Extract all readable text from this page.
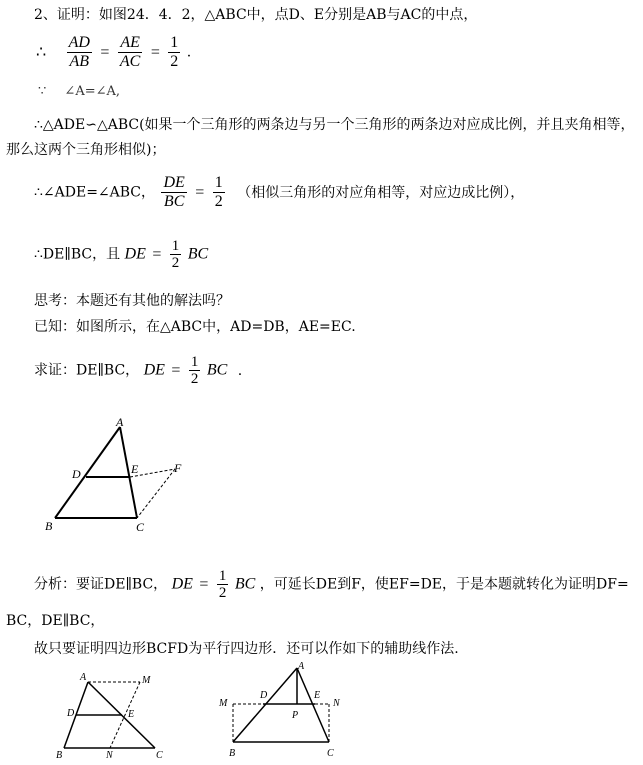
2、证明：如图24．4．2，△ABC中，点D、E分别是AB与AC的中点，
∴ $\frac{AD}{AB} = \frac{AE}{AC} = \frac{1}{2}$ .
∵ ∠A=∠A,
∴△ADE∽△ABC(如果一个三角形的两条边与另一个三角形的两条边对应成比例，并且夹角相等，
那么这两个三角形相似)；
∴∠ADE=∠ABC， $\frac{DE}{BC} = \frac{1}{2}$ （相似三角形的对应角相等，对应边成比例），
∴DE∥BC，且 DE = $\frac{1}{2}$ BC
思考：本题还有其他的解法吗？
已知：如图所示，在△ABC中，AD=DB，AE=EC.
求证：DE∥BC， DE = $\frac{1}{2}$ BC .
A
D	E	F
B	C
分析：要证DE∥BC， DE = $\frac{1}{2}$ BC ，可延长DE到F，使EF=DE，于是本题就转化为证明DF=
BC，DE∥BC，
故只要证明四边形BCFD为平行四边形．还可以作如下的辅助线作法.
A	M
D	E
B	N	C
A
M
D	E
N
P
B	C
